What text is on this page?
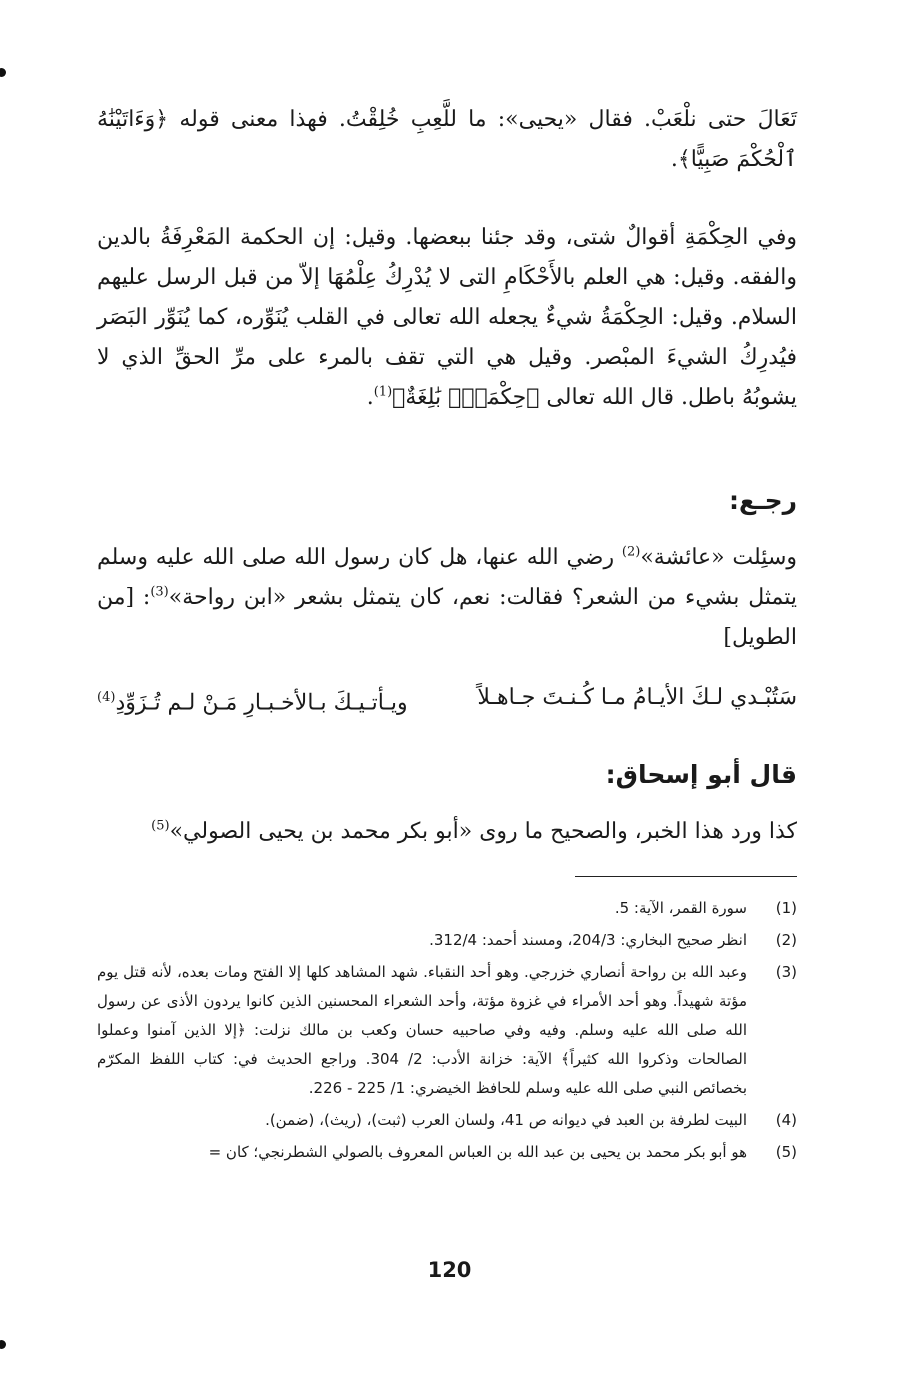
تَعَالَ حتى نلْعَبْ. فقال «يحيى»: ما للَّعِبِ خُلِقْتُ. فهذا معنى قوله ﴿وَءَاتَيْنَٰهُ ٱلْحُكْمَ صَبِيًّا﴾.

وفي الحِكْمَةِ أقوالٌ شتى، وقد جئنا ببعضها. وقيل: إن الحكمة المَعْرِفَةُ بالدين والفقه. وقيل: هي العلم بالأَحْكَامِ التى لا يُدْرِكُ عِلْمُهَا إلاّ من قبل الرسل عليهم السلام. وقيل: الحِكْمَةُ شيءٌ يجعله الله تعالى في القلب يُنَوِّره، كما يُنَوِّر البَصَر فيُدرِكُ الشيءَ المبْصر. وقيل هي التي تقف بالمرء على مرِّ الحقِّ الذي لا يشوبُهُ باطل. قال الله تعالى ﴿حِكْمَةٌۢ بَٰلِغَةٌ﴾$^{(1)}$.

رجـع:

وسئِلت «عائشة»$^{(2)}$ رضي الله عنها، هل كان رسول الله صلى الله عليه وسلم يتمثل بشيء من الشعر؟ فقالت: نعم، كان يتمثل بشعر «ابن رواحة»$^{(3)}$: [من الطويل]

سَتُبْـدي لـكَ الأيـامُ مـا كُـنـتَ جـاهـلاً
ويـأتـيـكَ بـالأخـبـارِ مَـنْ لـم تُـزَوِّدِ$^{(4)}$
قال أبو إسحاق:

كذا ورد هذا الخبر، والصحيح ما روى «أبو بكر محمد بن يحيى الصولي»$^{(5)}$

(1)
سورة القمر، الآية: 5.
(2)
انظر صحيح البخاري: 204/3، ومسند أحمد: 312/4.
(3)
وعبد الله بن رواحة أنصاري خزرجي. وهو أحد النقباء. شهد المشاهد كلها إلا الفتح ومات بعده، لأنه قتل يوم مؤتة شهيداً. وهو أحد الأمراء في غزوة مؤتة، وأحد الشعراء المحسنين الذين كانوا يردون الأذى عن رسول الله صلى الله عليه وسلم. وفيه وفي صاحبيه حسان وكعب بن مالك نزلت: ﴿إلا الذين آمنوا وعملوا الصالحات وذكروا الله كثيراً﴾ الآية: خزانة الأدب: 2/ 304. وراجع الحديث في: كتاب اللفظ المكرّم بخصائص النبي صلى الله عليه وسلم للحافظ الخيضري: 1/ 225 - 226.
(4)
البيت لطرفة بن العبد في ديوانه ص 41، ولسان العرب (ثبت)، (ريث)، (ضمن).
(5)
هو أبو بكر محمد بن يحيى بن عبد الله بن العباس المعروف بالصولي الشطرنجي؛ كان =
120
